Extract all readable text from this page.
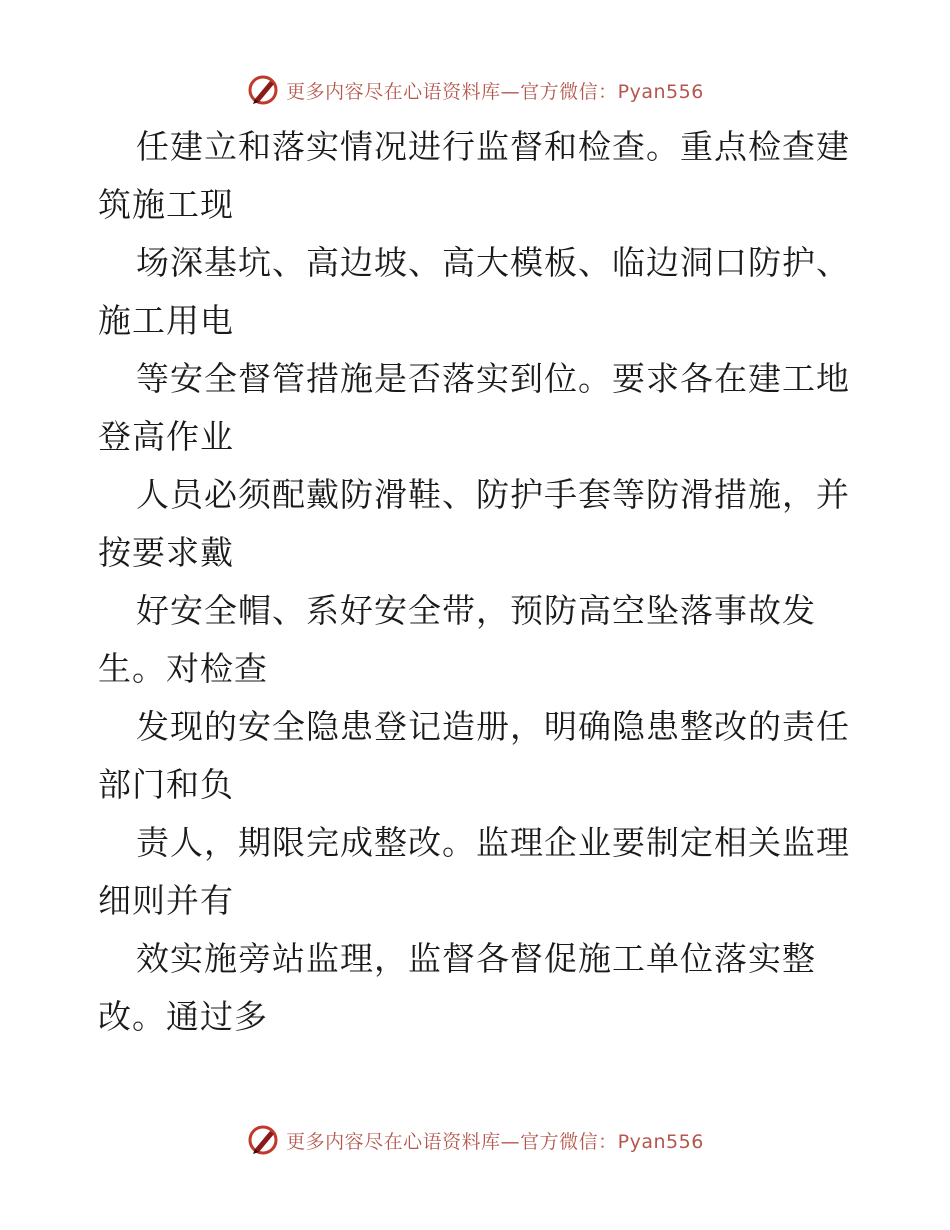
更多内容尽在心语资料库—官方微信：Pyan556
任建立和落实情况进行监督和检查。重点检查建
筑施工现
场深基坑、高边坡、高大模板、临边洞口防护、
施工用电
等安全督管措施是否落实到位。要求各在建工地
登高作业
人员必须配戴防滑鞋、防护手套等防滑措施，并
按要求戴
好安全帽、系好安全带，预防高空坠落事故发
生。对检查
发现的安全隐患登记造册，明确隐患整改的责任
部门和负
责人，期限完成整改。监理企业要制定相关监理
细则并有
效实施旁站监理，监督各督促施工单位落实整
改。通过多
更多内容尽在心语资料库—官方微信：Pyan556
